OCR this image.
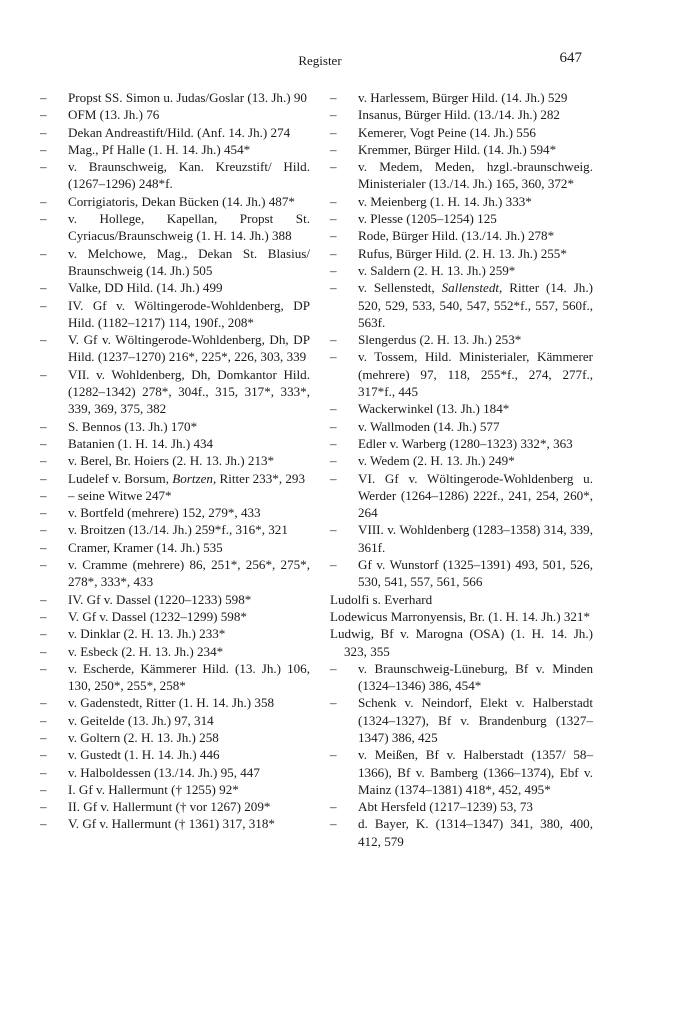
Register	647
– Propst SS. Simon u. Judas/Goslar (13. Jh.) 90
– OFM (13. Jh.) 76
– Dekan Andreastift/Hild. (Anf. 14. Jh.) 274
– Mag., Pf Halle (1. H. 14. Jh.) 454*
– v. Braunschweig, Kan. Kreuzstift/ Hild. (1267–1296) 248*f.
– Corrigiatoris, Dekan Bücken (14. Jh.) 487*
– v. Hollege, Kapellan, Propst St. Cyriacus/Braunschweig (1. H. 14. Jh.) 388
– v. Melchowe, Mag., Dekan St. Blasius/ Braunschweig (14. Jh.) 505
– Valke, DD Hild. (14. Jh.) 499
– IV. Gf v. Wöltingerode-Wohldenberg, DP Hild. (1182–1217) 114, 190f., 208*
– V. Gf v. Wöltingerode-Wohldenberg, Dh, DP Hild. (1237–1270) 216*, 225*, 226, 303, 339
– VII. v. Wohldenberg, Dh, Domkantor Hild. (1282–1342) 278*, 304f., 315, 317*, 333*, 339, 369, 375, 382
– S. Bennos (13. Jh.) 170*
– Batanien (1. H. 14. Jh.) 434
– v. Berel, Br. Hoiers (2. H. 13. Jh.) 213*
– Ludelef v. Borsum, Bortzen, Ritter 233*, 293
– – seine Witwe 247*
– v. Bortfeld (mehrere) 152, 279*, 433
– v. Broitzen (13./14. Jh.) 259*f., 316*, 321
– Cramer, Kramer (14. Jh.) 535
– v. Cramme (mehrere) 86, 251*, 256*, 275*, 278*, 333*, 433
– IV. Gf v. Dassel (1220–1233) 598*
– V. Gf v. Dassel (1232–1299) 598*
– v. Dinklar (2. H. 13. Jh.) 233*
– v. Esbeck (2. H. 13. Jh.) 234*
– v. Escherde, Kämmerer Hild. (13. Jh.) 106, 130, 250*, 255*, 258*
– v. Gadenstedt, Ritter (1. H. 14. Jh.) 358
– v. Geitelde (13. Jh.) 97, 314
– v. Goltern (2. H. 13. Jh.) 258
– v. Gustedt (1. H. 14. Jh.) 446
– v. Halboldessen (13./14. Jh.) 95, 447
– I. Gf v. Hallermunt († 1255) 92*
– II. Gf v. Hallermunt († vor 1267) 209*
– V. Gf v. Hallermunt († 1361) 317, 318*
– v. Harlessem, Bürger Hild. (14. Jh.) 529
– Insanus, Bürger Hild. (13./14. Jh.) 282
– Kemerer, Vogt Peine (14. Jh.) 556
– Kremmer, Bürger Hild. (14. Jh.) 594*
– v. Medem, Meden, hzgl.-braunschweig. Ministerialer (13./14. Jh.) 165, 360, 372*
– v. Meienberg (1. H. 14. Jh.) 333*
– v. Plesse (1205–1254) 125
– Rode, Bürger Hild. (13./14. Jh.) 278*
– Rufus, Bürger Hild. (2. H. 13. Jh.) 255*
– v. Saldern (2. H. 13. Jh.) 259*
– v. Sellenstedt, Sallenstedt, Ritter (14. Jh.) 520, 529, 533, 540, 547, 552*f., 557, 560f., 563f.
– Slengerdus (2. H. 13. Jh.) 253*
– v. Tossem, Hild. Ministerialer, Kämmerer (mehrere) 97, 118, 255*f., 274, 277f., 317*f., 445
– Wackerwinkel (13. Jh.) 184*
– v. Wallmoden (14. Jh.) 577
– Edler v. Warberg (1280–1323) 332*, 363
– v. Wedem (2. H. 13. Jh.) 249*
– VI. Gf v. Wöltingerode-Wohldenberg u. Werder (1264–1286) 222f., 241, 254, 260*, 264
– VIII. v. Wohldenberg (1283–1358) 314, 339, 361f.
– Gf v. Wunstorf (1325–1391) 493, 501, 526, 530, 541, 557, 561, 566
Ludolfi s. Everhard
Lodewicus Marronyensis, Br. (1. H. 14. Jh.) 321*
Ludwig, Bf v. Marogna (OSA) (1. H. 14. Jh.) 323, 355
– v. Braunschweig-Lüneburg, Bf v. Minden (1324–1346) 386, 454*
– Schenk v. Neindorf, Elekt v. Halberstadt (1324–1327), Bf v. Brandenburg (1327–1347) 386, 425
– v. Meißen, Bf v. Halberstadt (1357/ 58–1366), Bf v. Bamberg (1366–1374), Ebf v. Mainz (1374–1381) 418*, 452, 495*
– Abt Hersfeld (1217–1239) 53, 73
– d. Bayer, K. (1314–1347) 341, 380, 400, 412, 579
